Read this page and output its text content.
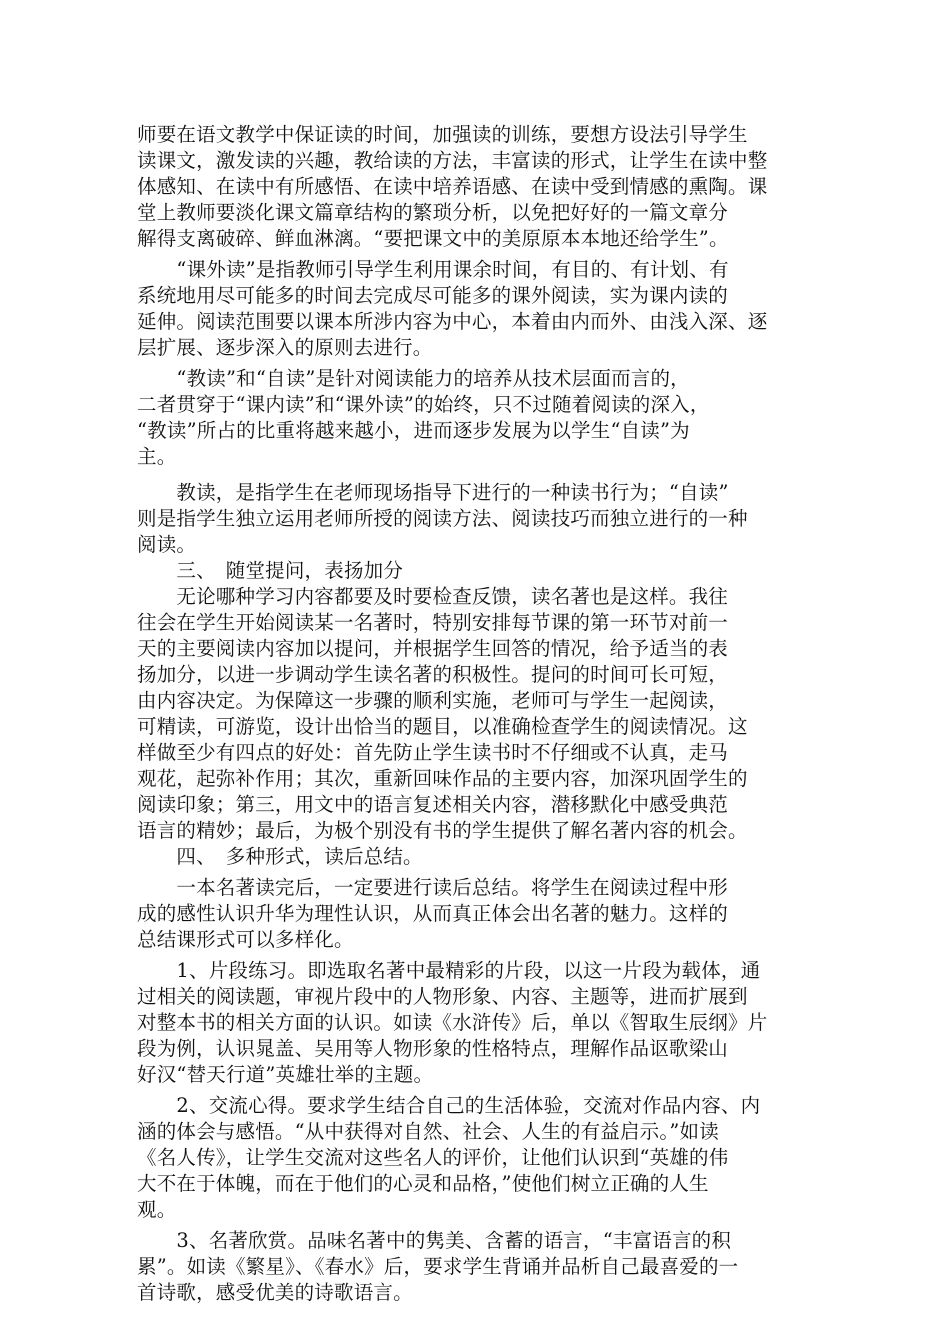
师要在语文教学中保证读的时间，加强读的训练，要想方设法引导学生
读课文，激发读的兴趣，教给读的方法，丰富读的形式，让学生在读中整
体感知、在读中有所感悟、在读中培养语感、在读中受到情感的熏陶。课
堂上教师要淡化课文篇章结构的繁琐分析，以免把好好的一篇文章分
解得支离破碎、鲜血淋漓。“要把课文中的美原原本本地还给学生”。
　　“课外读”是指教师引导学生利用课余时间，有目的、有计划、有
系统地用尽可能多的时间去完成尽可能多的课外阅读，实为课内读的
延伸。阅读范围要以课本所涉内容为中心，本着由内而外、由浅入深、逐
层扩展、逐步深入的原则去进行。
　　“教读”和“自读”是针对阅读能力的培养从技术层面而言的，
二者贯穿于“课内读”和“课外读”的始终，只不过随着阅读的深入，
“教读”所占的比重将越来越小，进而逐步发展为以学生“自读”为
主。
　　教读，是指学生在老师现场指导下进行的一种读书行为；“自读”
则是指学生独立运用老师所授的阅读方法、阅读技巧而独立进行的一种
阅读。
　　三、　随堂提问，表扬加分
　　无论哪种学习内容都要及时要检查反馈，读名著也是这样。我往
往会在学生开始阅读某一名著时，特别安排每节课的第一环节对前一
天的主要阅读内容加以提问，并根据学生回答的情况，给予适当的表
扬加分，以进一步调动学生读名著的积极性。提问的时间可长可短，
由内容决定。为保障这一步骤的顺利实施，老师可与学生一起阅读，
可精读，可游览，设计出恰当的题目，以准确检查学生的阅读情况。这
样做至少有四点的好处：首先防止学生读书时不仔细或不认真，走马
观花，起弥补作用；其次，重新回味作品的主要内容，加深巩固学生的
阅读印象；第三，用文中的语言复述相关内容，潜移默化中感受典范
语言的精妙；最后，为极个别没有书的学生提供了解名著内容的机会。
　　四、　多种形式，读后总结。
　　一本名著读完后，一定要进行读后总结。将学生在阅读过程中形
成的感性认识升华为理性认识，从而真正体会出名著的魅力。这样的
总结课形式可以多样化。
　　1、片段练习。即选取名著中最精彩的片段，以这一片段为载体，通
过相关的阅读题，审视片段中的人物形象、内容、主题等，进而扩展到
对整本书的相关方面的认识。如读《水浒传》后，单以《智取生辰纲》片
段为例，认识晁盖、吴用等人物形象的性格特点，理解作品讴歌梁山
好汉“替天行道”英雄壮举的主题。
　　2、交流心得。要求学生结合自己的生活体验，交流对作品内容、内
涵的体会与感悟。“从中获得对自然、社会、人生的有益启示。”如读
《名人传》，让学生交流对这些名人的评价，让他们认识到“英雄的伟
大不在于体魄，而在于他们的心灵和品格，”使他们树立正确的人生
观。
　　3、名著欣赏。品味名著中的隽美、含蓄的语言，“丰富语言的积
累”。如读《繁星》、《春水》后，要求学生背诵并品析自己最喜爱的一
首诗歌，感受优美的诗歌语言。
